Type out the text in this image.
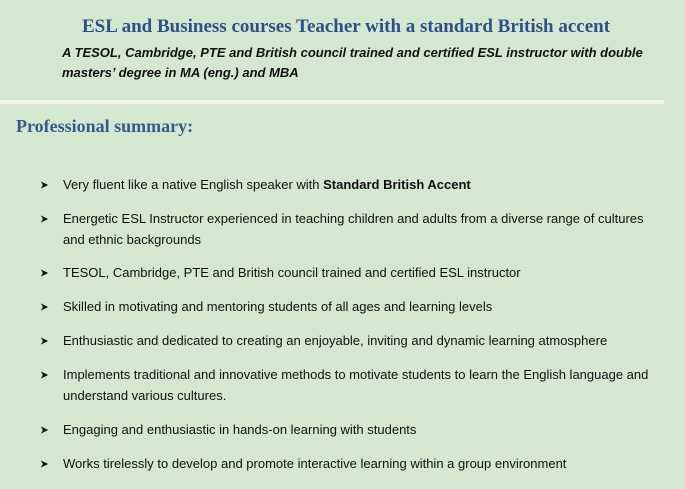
ESL and Business courses Teacher with a standard British accent

A TESOL, Cambridge, PTE and British council trained and certified ESL instructor with double masters’ degree in MA (eng.) and MBA

Professional summary:
Very fluent like a native English speaker with Standard British Accent
Energetic ESL Instructor experienced in teaching children and adults from a diverse range of cultures and ethnic backgrounds
TESOL, Cambridge, PTE and British council trained and certified ESL instructor
Skilled in motivating and mentoring students of all ages and learning levels
Enthusiastic and dedicated to creating an enjoyable, inviting and dynamic learning atmosphere
Implements traditional and innovative methods to motivate students to learn the English language and understand various cultures.
Engaging and enthusiastic in hands-on learning with students
Works tirelessly to develop and promote interactive learning within a group environment
